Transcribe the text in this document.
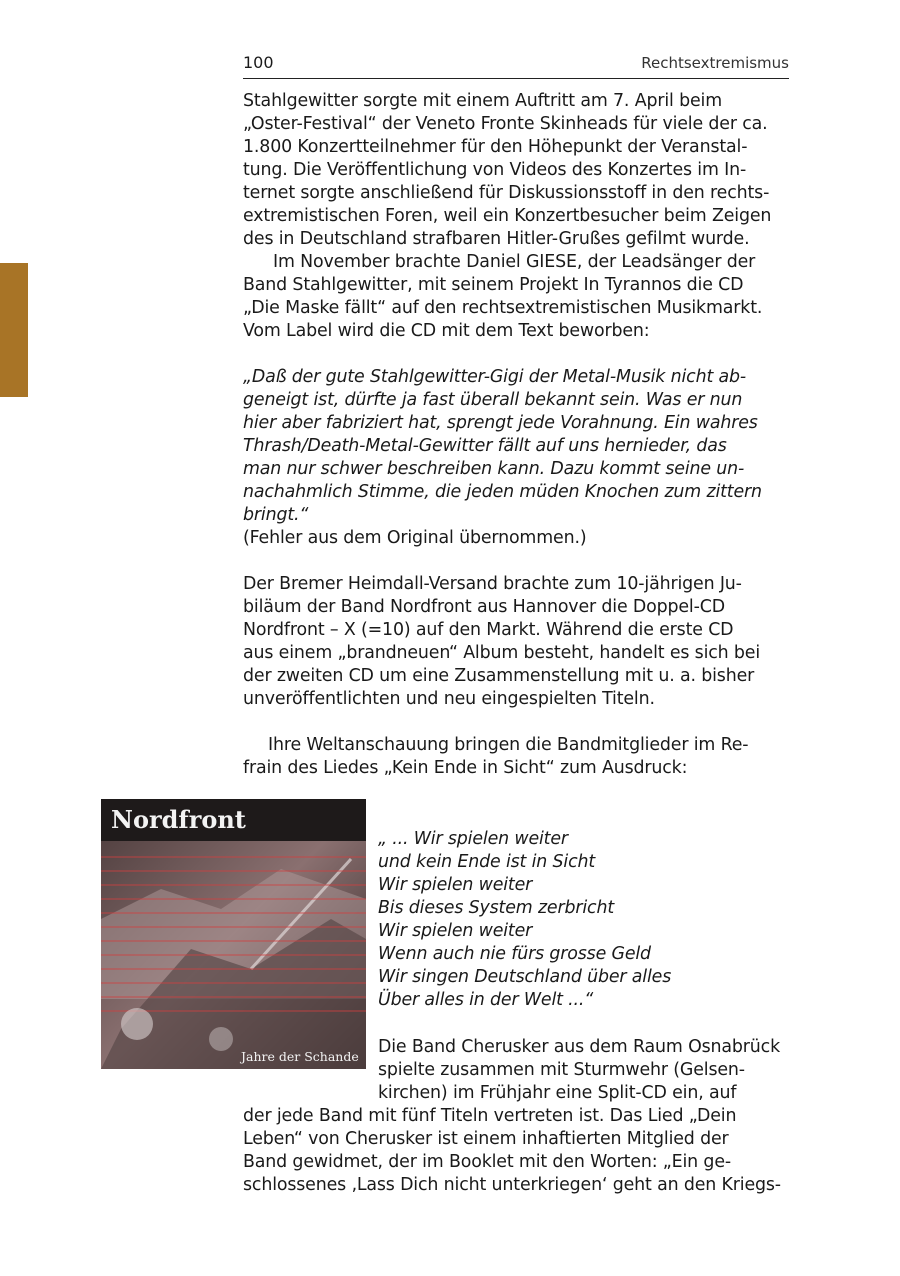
100	Rechtsextremismus

Stahlgewitter sorgte mit einem Auftritt am 7. April beim
„Oster-Festival“ der Veneto Fronte Skinheads für viele der ca.
1.800 Konzertteilnehmer für den Höhepunkt der Veranstal-
tung. Die Veröffentlichung von Videos des Konzertes im In-
ternet sorgte anschließend für Diskussionsstoff in den rechts-
extremistischen Foren, weil ein Konzertbesucher beim Zeigen
des in Deutschland strafbaren Hitler-Grußes gefilmt wurde.

Im November brachte Daniel GIESE, der Leadsänger der
Band Stahlgewitter, mit seinem Projekt In Tyrannos die CD
„Die Maske fällt“ auf den rechtsextremistischen Musikmarkt.
Vom Label wird die CD mit dem Text beworben:

„Daß der gute Stahlgewitter-Gigi der Metal-Musik nicht ab-
geneigt ist, dürfte ja fast überall bekannt sein. Was er nun
hier aber fabriziert hat, sprengt jede Vorahnung. Ein wahres
Thrash/Death-Metal-Gewitter fällt auf uns hernieder, das
man nur schwer beschreiben kann. Dazu kommt seine un-
nachahmlich Stimme, die jeden müden Knochen zum zittern
bringt.“

(Fehler aus dem Original übernommen.)

Der Bremer Heimdall-Versand brachte zum 10-jährigen Ju-
biläum der Band Nordfront aus Hannover die Doppel-CD
Nordfront – X (=10) auf den Markt. Während die erste CD
aus einem „brandneuen“ Album besteht, handelt es sich bei
der zweiten CD um eine Zusammenstellung mit u. a. bisher
unveröffentlichten und neu eingespielten Titeln.

Ihre Weltanschauung bringen die Bandmitglieder im Re-
frain des Liedes „Kein Ende in Sicht“ zum Ausdruck:

Nordfront
Jahre der Schande

„ ... Wir spielen weiter

und kein Ende ist in Sicht

Wir spielen weiter

Bis dieses System zerbricht

Wir spielen weiter

Wenn auch nie fürs grosse Geld

Wir singen Deutschland über alles

Über alles in der Welt ...“

Die Band Cherusker aus dem Raum Osnabrück

spielte zusammen mit Sturmwehr (Gelsen-

kirchen) im Frühjahr eine Split-CD ein, auf

der jede Band mit fünf Titeln vertreten ist. Das Lied „Dein

Leben“ von Cherusker ist einem inhaftierten Mitglied der

Band gewidmet, der im Booklet mit den Worten: „Ein ge-

schlossenes ‚Lass Dich nicht unterkriegen‘ geht an den Kriegs-
